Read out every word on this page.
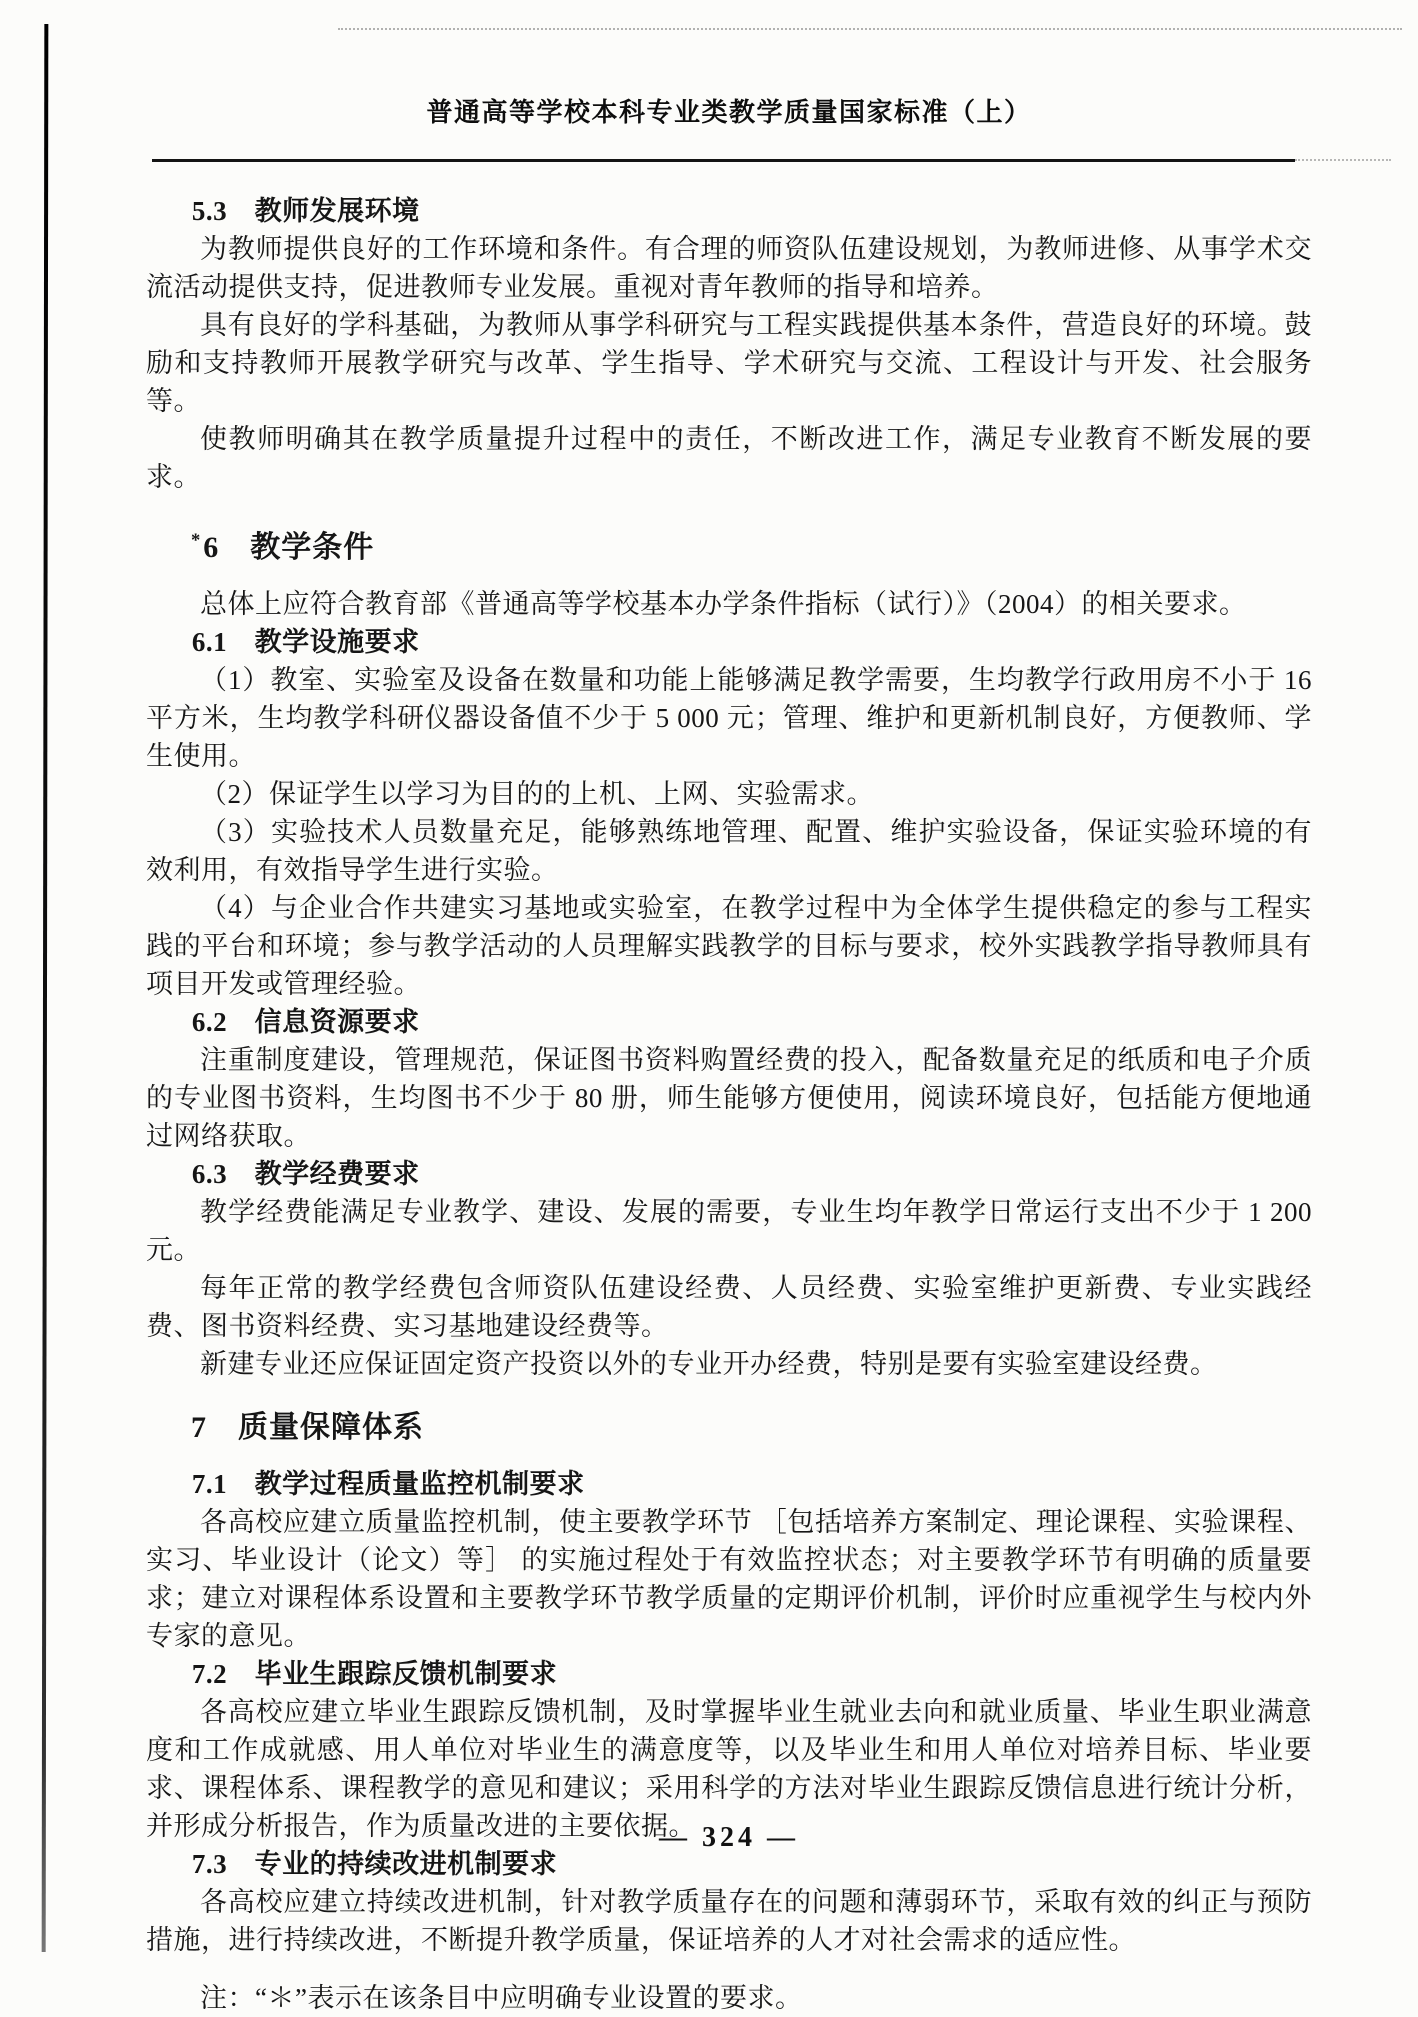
普通高等学校本科专业类教学质量国家标准（上）
5.3　教师发展环境

为教师提供良好的工作环境和条件。有合理的师资队伍建设规划，为教师进修、从事学术交流活动提供支持，促进教师专业发展。重视对青年教师的指导和培养。

具有良好的学科基础，为教师从事学科研究与工程实践提供基本条件，营造良好的环境。鼓励和支持教师开展教学研究与改革、学生指导、学术研究与交流、工程设计与开发、社会服务等。

使教师明确其在教学质量提升过程中的责任，不断改进工作，满足专业教育不断发展的要求。

*6　教学条件

总体上应符合教育部《普通高等学校基本办学条件指标（试行）》（2004）的相关要求。

6.1　教学设施要求

（1）教室、实验室及设备在数量和功能上能够满足教学需要，生均教学行政用房不小于 16 平方米，生均教学科研仪器设备值不少于 5 000 元；管理、维护和更新机制良好，方便教师、学生使用。

（2）保证学生以学习为目的的上机、上网、实验需求。

（3）实验技术人员数量充足，能够熟练地管理、配置、维护实验设备，保证实验环境的有效利用，有效指导学生进行实验。

（4）与企业合作共建实习基地或实验室，在教学过程中为全体学生提供稳定的参与工程实践的平台和环境；参与教学活动的人员理解实践教学的目标与要求，校外实践教学指导教师具有项目开发或管理经验。

6.2　信息资源要求

注重制度建设，管理规范，保证图书资料购置经费的投入，配备数量充足的纸质和电子介质的专业图书资料，生均图书不少于 80 册，师生能够方便使用，阅读环境良好，包括能方便地通过网络获取。

6.3　教学经费要求

教学经费能满足专业教学、建设、发展的需要，专业生均年教学日常运行支出不少于 1 200 元。

每年正常的教学经费包含师资队伍建设经费、人员经费、实验室维护更新费、专业实践经费、图书资料经费、实习基地建设经费等。

新建专业还应保证固定资产投资以外的专业开办经费，特别是要有实验室建设经费。

7　质量保障体系
7.1　教学过程质量监控机制要求

各高校应建立质量监控机制，使主要教学环节 ［包括培养方案制定、理论课程、实验课程、实习、毕业设计（论文）等］ 的实施过程处于有效监控状态；对主要教学环节有明确的质量要求；建立对课程体系设置和主要教学环节教学质量的定期评价机制，评价时应重视学生与校内外专家的意见。

7.2　毕业生跟踪反馈机制要求

各高校应建立毕业生跟踪反馈机制，及时掌握毕业生就业去向和就业质量、毕业生职业满意度和工作成就感、用人单位对毕业生的满意度等，以及毕业生和用人单位对培养目标、毕业要求、课程体系、课程教学的意见和建议；采用科学的方法对毕业生跟踪反馈信息进行统计分析，并形成分析报告，作为质量改进的主要依据。

7.3　专业的持续改进机制要求

各高校应建立持续改进机制，针对教学质量存在的问题和薄弱环节，采取有效的纠正与预防措施，进行持续改进，不断提升教学质量，保证培养的人才对社会需求的适应性。

注：“＊”表示在该条目中应明确专业设置的要求。

— 324 —
